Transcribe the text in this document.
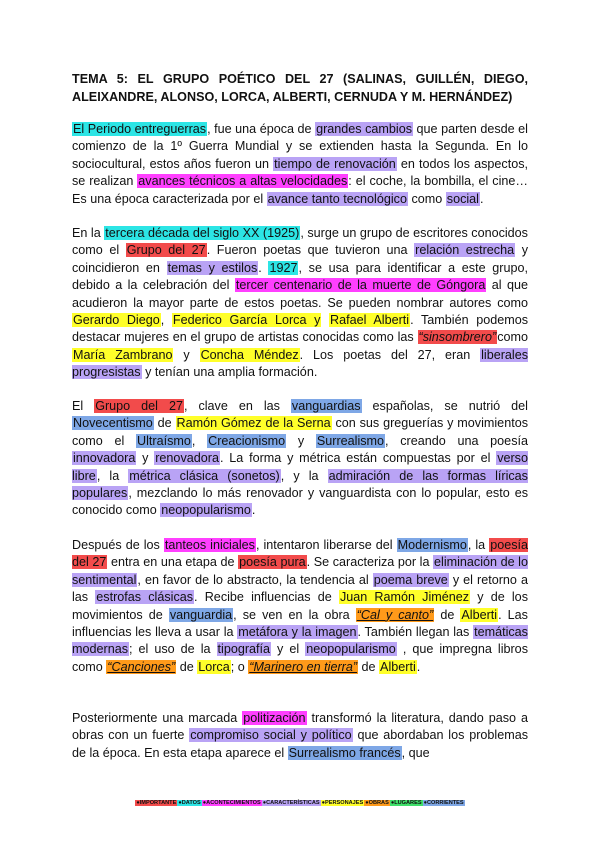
TEMA 5: EL GRUPO POÉTICO DEL 27 (SALINAS, GUILLÉN, DIEGO, ALEIXANDRE, ALONSO, LORCA, ALBERTI, CERNUDA Y M. HERNÁNDEZ)

El Periodo entreguerras, fue una época de grandes cambios que parten desde el comienzo de la 1º Guerra Mundial y se extienden hasta la Segunda. En lo sociocultural, estos años fueron un tiempo de renovación en todos los aspectos, se realizan avances técnicos a altas velocidades: el coche, la bombilla, el cine… Es una época caracterizada por el avance tanto tecnológico como social.

En la tercera década del siglo XX (1925), surge un grupo de escritores conocidos como el Grupo del 27. Fueron poetas que tuvieron una relación estrecha y coincidieron en temas y estilos. 1927, se usa para identificar a este grupo, debido a la celebración del tercer centenario de la muerte de Góngora al que acudieron la mayor parte de estos poetas. Se pueden nombrar autores como Gerardo Diego, Federico García Lorca y Rafael Alberti. También podemos destacar mujeres en el grupo de artistas conocidas como las “sinsombrero”como María Zambrano y Concha Méndez. Los poetas del 27, eran liberales progresistas y tenían una amplia formación.

El Grupo del 27, clave en las vanguardias españolas, se nutrió del Novecentismo de Ramón Gómez de la Serna con sus greguerías y movimientos como el Ultraísmo, Creacionismo y Surrealismo, creando una poesía innovadora y renovadora. La forma y métrica están compuestas por el verso libre, la métrica clásica (sonetos), y la admiración de las formas líricas populares, mezclando lo más renovador y vanguardista con lo popular, esto es conocido como neopopularismo.

Después de los tanteos iniciales, intentaron liberarse del Modernismo, la poesía del 27 entra en una etapa de poesía pura. Se caracteriza por la eliminación de lo sentimental, en favor de lo abstracto, la tendencia al poema breve y el retorno a las estrofas clásicas. Recibe influencias de Juan Ramón Jiménez y de los movimientos de vanguardia, se ven en la obra “Cal y canto” de Alberti. Las influencias les lleva a usar la metáfora y la imagen. También llegan las temáticas modernas; el uso de la tipografía y el neopopularismo , que impregna libros como “Canciones” de Lorca; o “Marinero en tierra” de Alberti.

Posteriormente una marcada politización transformó la literatura, dando paso a obras con un fuerte compromiso social y político que abordaban los problemas de la época. En esta etapa aparece el Surrealismo francés, que

●IMPORTANTE ●DATOS ●ACONTECIMIENTOS ●CARACTERÍSTICAS ●PERSONAJES ●OBRAS ●LUGARES ●CORRIENTES
